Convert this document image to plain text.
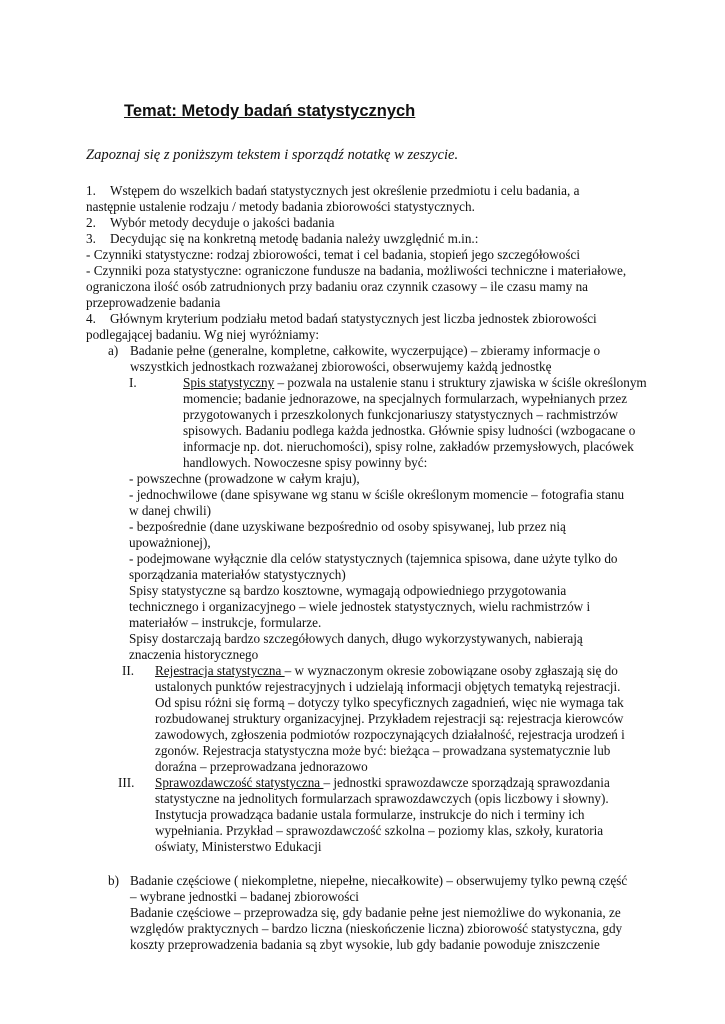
Temat: Metody badań statystycznych

Zapoznaj się z poniższym tekstem i sporządź notatkę w zeszycie.

1. Wstępem do wszelkich badań statystycznych jest określenie przedmiotu i celu badania, a

następnie ustalenie rodzaju / metody badania zbiorowości statystycznych.

2. Wybór metody decyduje o jakości badania

3. Decydując się na konkretną metodę badania należy uwzględnić m.in.:

- Czynniki statystyczne: rodzaj zbiorowości, temat i cel badania, stopień jego szczegółowości

- Czynniki poza statystyczne: ograniczone fundusze na badania, możliwości techniczne i materiałowe,

ograniczona ilość osób zatrudnionych przy badaniu oraz czynnik czasowy – ile czasu mamy na

przeprowadzenie badania

4. Głównym kryterium podziału metod badań statystycznych jest liczba jednostek zbiorowości

podlegającej badaniu. Wg niej wyróżniamy:

a) Badanie pełne (generalne, kompletne, całkowite, wyczerpujące) – zbieramy informacje o

wszystkich jednostkach rozważanej zbiorowości, obserwujemy każdą jednostkę

I.	Spis statystyczny – pozwala na ustalenie stanu i struktury zjawiska w ściśle określonym

momencie; badanie jednorazowe, na specjalnych formularzach, wypełnianych przez

przygotowanych i przeszkolonych funkcjonariuszy statystycznych – rachmistrzów

spisowych. Badaniu podlega każda jednostka. Głównie spisy ludności (wzbogacane o

informacje np. dot. nieruchomości), spisy rolne, zakładów przemysłowych, placówek

handlowych. Nowoczesne spisy powinny być:

- powszechne (prowadzone w całym kraju),

- jednochwilowe (dane spisywane wg stanu w ściśle określonym momencie – fotografia stanu

w danej chwili)

- bezpośrednie (dane uzyskiwane bezpośrednio od osoby spisywanej, lub przez nią

upoważnionej),

- podejmowane wyłącznie dla celów statystycznych (tajemnica spisowa, dane użyte tylko do

sporządzania materiałów statystycznych)

Spisy statystyczne są bardzo kosztowne, wymagają odpowiedniego przygotowania

technicznego i organizacyjnego – wiele jednostek statystycznych, wielu rachmistrzów i

materiałów – instrukcje, formularze.

Spisy dostarczają bardzo szczegółowych danych, długo wykorzystywanych, nabierają

znaczenia historycznego

II. Rejestracja statystyczna – w wyznaczonym okresie zobowiązane osoby zgłaszają się do

ustalonych punktów rejestracyjnych i udzielają informacji objętych tematyką rejestracji.

Od spisu różni się formą – dotyczy tylko specyficznych zagadnień, więc nie wymaga tak

rozbudowanej struktury organizacyjnej. Przykładem rejestracji są: rejestracja kierowców

zawodowych, zgłoszenia podmiotów rozpoczynających działalność, rejestracja urodzeń i

zgonów. Rejestracja statystyczna może być: bieżąca – prowadzana systematycznie lub

doraźna – przeprowadzana jednorazowo

III. Sprawozdawczość statystyczna – jednostki sprawozdawcze sporządzają sprawozdania

statystyczne na jednolitych formularzach sprawozdawczych (opis liczbowy i słowny).

Instytucja prowadząca badanie ustala formularze, instrukcje do nich i terminy ich

wypełniania. Przykład – sprawozdawczość szkolna – poziomy klas, szkoły, kuratoria

oświaty, Ministerstwo Edukacji

b) Badanie częściowe ( niekompletne, niepełne, niecałkowite) – obserwujemy tylko pewną część

– wybrane jednostki – badanej zbiorowości

Badanie częściowe – przeprowadza się, gdy badanie pełne jest niemożliwe do wykonania, ze

względów praktycznych – bardzo liczna (nieskończenie liczna) zbiorowość statystyczna, gdy

koszty przeprowadzenia badania są zbyt wysokie, lub gdy badanie powoduje zniszczenie
